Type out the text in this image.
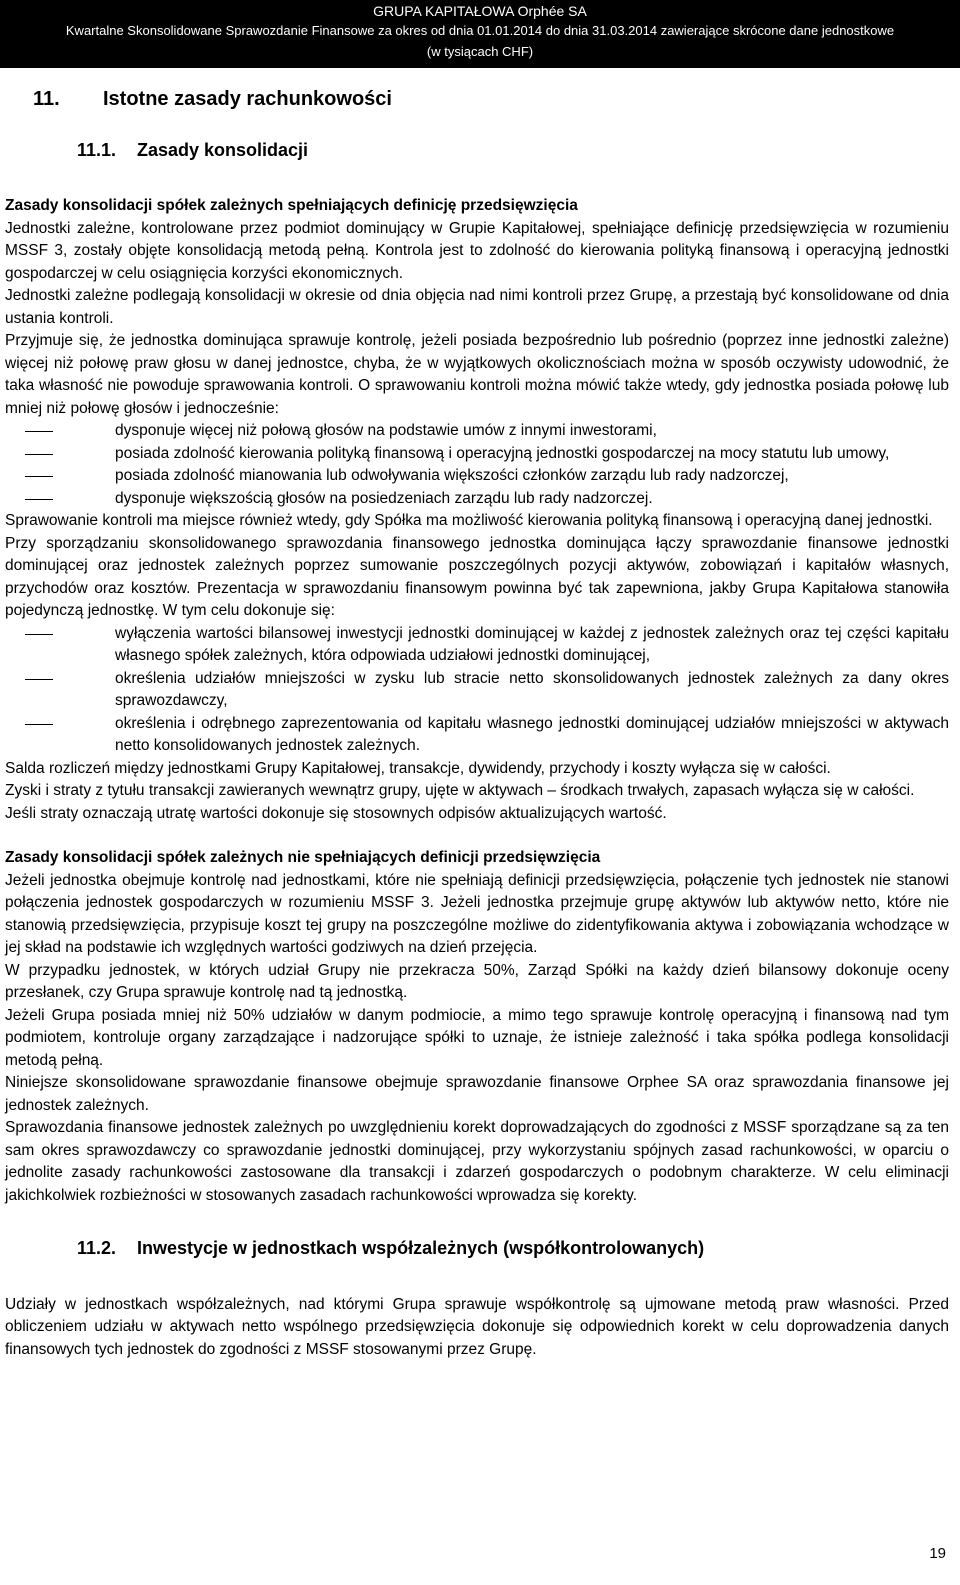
GRUPA KAPITAŁOWA Orphée SA
Kwartalne Skonsolidowane Sprawozdanie Finansowe za okres od dnia 01.01.2014 do dnia 31.03.2014 zawierające skrócone dane jednostkowe
(w tysiącach CHF)
11. Istotne zasady rachunkowości
11.1. Zasady konsolidacji

Zasady konsolidacji spółek zależnych spełniających definicję przedsięwzięcia

Jednostki zależne, kontrolowane przez podmiot dominujący w Grupie Kapitałowej, spełniające definicję przedsięwzięcia w rozumieniu MSSF 3, zostały objęte konsolidacją metodą pełną. Kontrola jest to zdolność do kierowania polityką finansową i operacyjną jednostki gospodarczej w celu osiągnięcia korzyści ekonomicznych.

Jednostki zależne podlegają konsolidacji w okresie od dnia objęcia nad nimi kontroli przez Grupę, a przestają być konsolidowane od dnia ustania kontroli.

Przyjmuje się, że jednostka dominująca sprawuje kontrolę, jeżeli posiada bezpośrednio lub pośrednio (poprzez inne jednostki zależne) więcej niż połowę praw głosu w danej jednostce, chyba, że w wyjątkowych okolicznościach można w sposób oczywisty udowodnić, że taka własność nie powoduje sprawowania kontroli. O sprawowaniu kontroli można mówić także wtedy, gdy jednostka posiada połowę lub mniej niż połowę głosów i jednocześnie:

dysponuje więcej niż połową głosów na podstawie umów z innymi inwestorami,
posiada zdolność kierowania polityką finansową i operacyjną jednostki gospodarczej na mocy statutu lub umowy,
posiada zdolność mianowania lub odwoływania większości członków zarządu lub rady nadzorczej,
dysponuje większością głosów na posiedzeniach zarządu lub rady nadzorczej.

Sprawowanie kontroli ma miejsce również wtedy, gdy Spółka ma możliwość kierowania polityką finansową i operacyjną danej jednostki.

Przy sporządzaniu skonsolidowanego sprawozdania finansowego jednostka dominująca łączy sprawozdanie finansowe jednostki dominującej oraz jednostek zależnych poprzez sumowanie poszczególnych pozycji aktywów, zobowiązań i kapitałów własnych, przychodów oraz kosztów. Prezentacja w sprawozdaniu finansowym powinna być tak zapewniona, jakby Grupa Kapitałowa stanowiła pojedynczą jednostkę. W tym celu dokonuje się:

wyłączenia wartości bilansowej inwestycji jednostki dominującej w każdej z jednostek zależnych oraz tej części kapitału własnego spółek zależnych, która odpowiada udziałowi jednostki dominującej,
określenia udziałów mniejszości w zysku lub stracie netto skonsolidowanych jednostek zależnych za dany okres sprawozdawczy,
określenia i odrębnego zaprezentowania od kapitału własnego jednostki dominującej udziałów mniejszości w aktywach netto konsolidowanych jednostek zależnych.

Salda rozliczeń między jednostkami Grupy Kapitałowej, transakcje, dywidendy, przychody i koszty wyłącza się w całości.

Zyski i straty z tytułu transakcji zawieranych wewnątrz grupy, ujęte w aktywach – środkach trwałych, zapasach wyłącza się w całości.

Jeśli straty oznaczają utratę wartości dokonuje się stosownych odpisów aktualizujących wartość.

Zasady konsolidacji spółek zależnych nie spełniających definicji przedsięwzięcia

Jeżeli jednostka obejmuje kontrolę nad jednostkami, które nie spełniają definicji przedsięwzięcia, połączenie tych jednostek nie stanowi połączenia jednostek gospodarczych w rozumieniu MSSF 3. Jeżeli jednostka przejmuje grupę aktywów lub aktywów netto, które nie stanowią przedsięwzięcia, przypisuje koszt tej grupy na poszczególne możliwe do zidentyfikowania aktywa i zobowiązania wchodzące w jej skład na podstawie ich względnych wartości godziwych na dzień przejęcia.

W przypadku jednostek, w których udział Grupy nie przekracza 50%, Zarząd Spółki na każdy dzień bilansowy dokonuje oceny przesłanek, czy Grupa sprawuje kontrolę nad tą jednostką.

Jeżeli Grupa posiada mniej niż 50% udziałów w danym podmiocie, a mimo tego sprawuje kontrolę operacyjną i finansową nad tym podmiotem, kontroluje organy zarządzające i nadzorujące spółki to uznaje, że istnieje zależność i taka spółka podlega konsolidacji metodą pełną.

Niniejsze skonsolidowane sprawozdanie finansowe obejmuje sprawozdanie finansowe Orphee SA oraz sprawozdania finansowe jej jednostek zależnych.

Sprawozdania finansowe jednostek zależnych po uwzględnieniu korekt doprowadzających do zgodności z MSSF sporządzane są za ten sam okres sprawozdawczy co sprawozdanie jednostki dominującej, przy wykorzystaniu spójnych zasad rachunkowości, w oparciu o jednolite zasady rachunkowości zastosowane dla transakcji i zdarzeń gospodarczych o podobnym charakterze. W celu eliminacji jakichkolwiek rozbieżności w stosowanych zasadach rachunkowości wprowadza się korekty.

11.2. Inwestycje w jednostkach współzależnych (współkontrolowanych)

Udziały w jednostkach współzależnych, nad którymi Grupa sprawuje współkontrolę są ujmowane metodą praw własności. Przed obliczeniem udziału w aktywach netto wspólnego przedsięwzięcia dokonuje się odpowiednich korekt w celu doprowadzenia danych finansowych tych jednostek do zgodności z MSSF stosowanymi przez Grupę.

19
